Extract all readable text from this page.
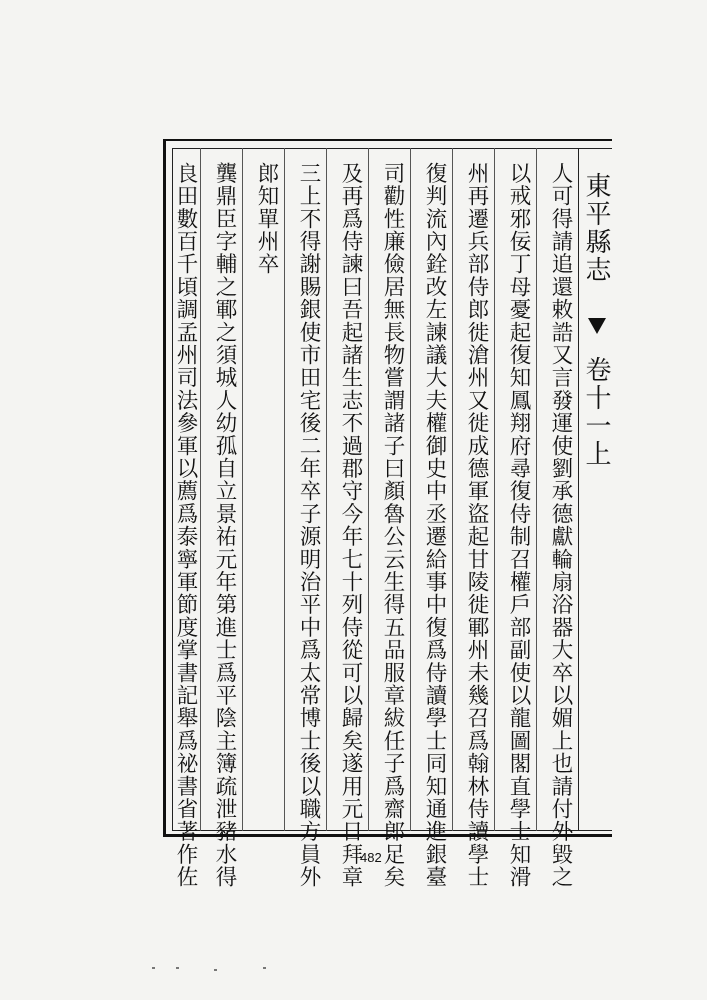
東平縣志
卷十一上
人可得請追還敕誥又言發運使劉承德獻輪扇浴器大卒以媚上也請付外毀之
以戒邪佞丁母憂起復知鳳翔府尋復侍制召權戶部副使以龍圖閣直學士知滑
州再遷兵部侍郎徙滄州又徙成德軍盜起甘陵徙鄆州未幾召爲翰林侍讀學士
復判流內銓改左諫議大夫權御史中丞遷給事中復爲侍讀學士同知通進銀臺
司勸性廉儉居無長物嘗謂諸子曰顏魯公云生得五品服章紱任子爲齋郎足矣
及再爲侍諫曰吾起諸生志不過郡守今年七十列侍從可以歸矣遂用元日拜章
三上不得謝賜銀使市田宅後二年卒子源明治平中爲太常博士後以職方員外
郎知單州卒
龔鼎臣字輔之鄆之須城人幼孤自立景祐元年第進士爲平陰主簿疏泄豬水得
良田數百千頃調孟州司法參軍以薦爲泰寧軍節度掌書記舉爲祕書省著作佐	482
